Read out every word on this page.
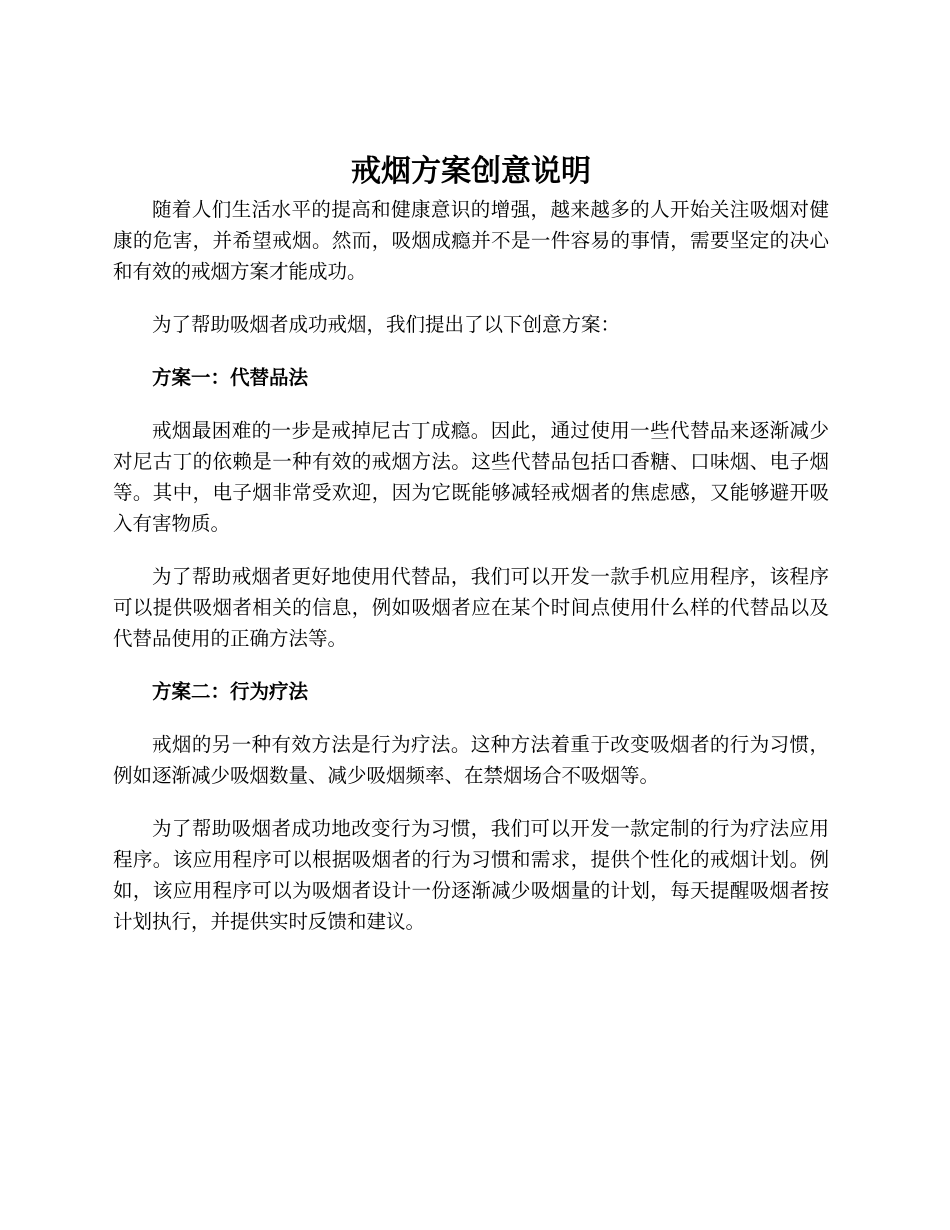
戒烟方案创意说明

随着人们生活水平的提高和健康意识的增强，越来越多的人开始关注吸烟对健康的危害，并希望戒烟。然而，吸烟成瘾并不是一件容易的事情，需要坚定的决心和有效的戒烟方案才能成功。

为了帮助吸烟者成功戒烟，我们提出了以下创意方案：

方案一：代替品法

戒烟最困难的一步是戒掉尼古丁成瘾。因此，通过使用一些代替品来逐渐减少对尼古丁的依赖是一种有效的戒烟方法。这些代替品包括口香糖、口味烟、电子烟等。其中，电子烟非常受欢迎，因为它既能够减轻戒烟者的焦虑感，又能够避开吸入有害物质。

为了帮助戒烟者更好地使用代替品，我们可以开发一款手机应用程序，该程序可以提供吸烟者相关的信息，例如吸烟者应在某个时间点使用什么样的代替品以及代替品使用的正确方法等。

方案二：行为疗法

戒烟的另一种有效方法是行为疗法。这种方法着重于改变吸烟者的行为习惯，例如逐渐减少吸烟数量、减少吸烟频率、在禁烟场合不吸烟等。

为了帮助吸烟者成功地改变行为习惯，我们可以开发一款定制的行为疗法应用程序。该应用程序可以根据吸烟者的行为习惯和需求，提供个性化的戒烟计划。例如，该应用程序可以为吸烟者设计一份逐渐减少吸烟量的计划，每天提醒吸烟者按计划执行，并提供实时反馈和建议。
